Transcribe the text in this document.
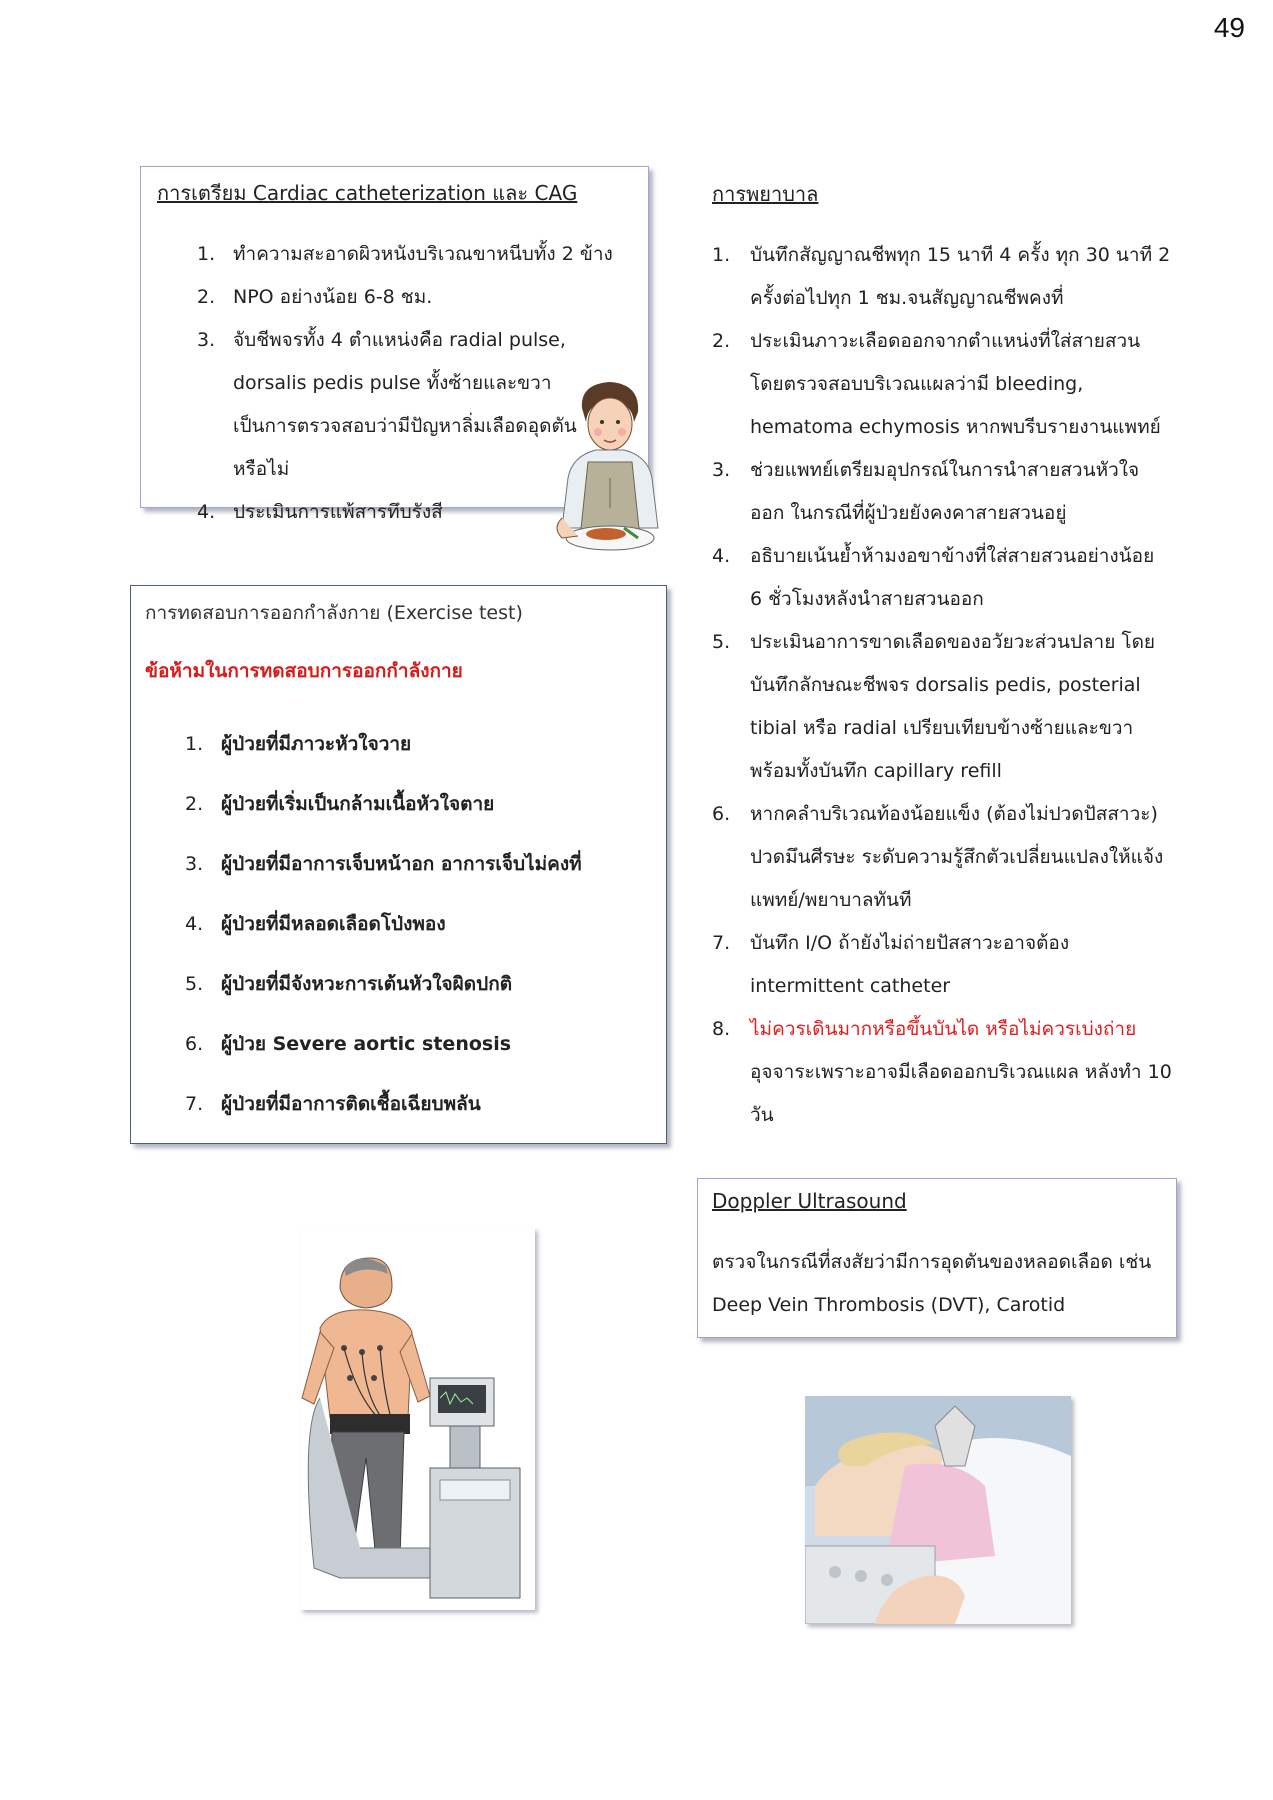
49
การเตรียม Cardiac catheterization และ CAG
1. ทำความสะอาดผิวหนังบริเวณขาหนีบทั้ง 2 ข้าง
2. NPO อย่างน้อย 6-8 ชม.
3. จับชีพจรทั้ง 4 ตำแหน่งคือ radial pulse, dorsalis pedis pulse ทั้งซ้ายและขวาเป็นการตรวจสอบว่ามีปัญหาลิ่มเลือดอุดตันหรือไม่
4. ประเมินการแพ้สารทึบรังสี
การทดสอบการออกกำลังกาย (Exercise test)
ข้อห้ามในการทดสอบการออกกำลังกาย
1. ผู้ป่วยที่มีภาวะหัวใจวาย
2. ผู้ป่วยที่เริ่มเป็นกล้ามเนื้อหัวใจตาย
3. ผู้ป่วยที่มีอาการเจ็บหน้าอก อาการเจ็บไม่คงที่
4. ผู้ป่วยที่มีหลอดเลือดโป่งพอง
5. ผู้ป่วยที่มีจังหวะการเต้นหัวใจผิดปกติ
6. ผู้ป่วย Severe aortic stenosis
7. ผู้ป่วยที่มีอาการติดเชื้อเฉียบพลัน
การพยาบาล
1.	บันทึกสัญญาณชีพทุก 15 นาที 4 ครั้ง ทุก 30 นาที 2 ครั้งต่อไปทุก 1 ชม.จนสัญญาณชีพคงที่
2.	ประเมินภาวะเลือดออกจากตำแหน่งที่ใส่สายสวน โดยตรวจสอบบริเวณแผลว่ามี bleeding, hematoma echymosis หากพบรีบรายงานแพทย์
3.	ช่วยแพทย์เตรียมอุปกรณ์ในการนำสายสวนหัวใจออก ในกรณีที่ผู้ป่วยยังคงคาสายสวนอยู่
4.	อธิบายเน้นย้ำห้ามงอขาข้างที่ใส่สายสวนอย่างน้อย 6 ชั่วโมงหลังนำสายสวนออก
5.	ประเมินอาการขาดเลือดของอวัยวะส่วนปลาย โดยบันทึกลักษณะชีพจร dorsalis pedis, posterial tibial หรือ radial เปรียบเทียบข้างซ้ายและขวาพร้อมทั้งบันทึก capillary refill
6.	หากคลำบริเวณท้องน้อยแข็ง (ต้องไม่ปวดปัสสาวะ) ปวดมึนศีรษะ ระดับความรู้สึกตัวเปลี่ยนแปลงให้แจ้งแพทย์/พยาบาลทันที
7.	บันทึก I/O ถ้ายังไม่ถ่ายปัสสาวะอาจต้อง intermittent catheter
8.	ไม่ควรเดินมากหรือขึ้นบันได หรือไม่ควรเบ่งถ่าย อุจจาระเพราะอาจมีเลือดออกบริเวณแผล หลังทำ 10 วัน
Doppler Ultrasound
ตรวจในกรณีที่สงสัยว่ามีการอุดตันของหลอดเลือด เช่น Deep Vein Thrombosis (DVT), Carotid
